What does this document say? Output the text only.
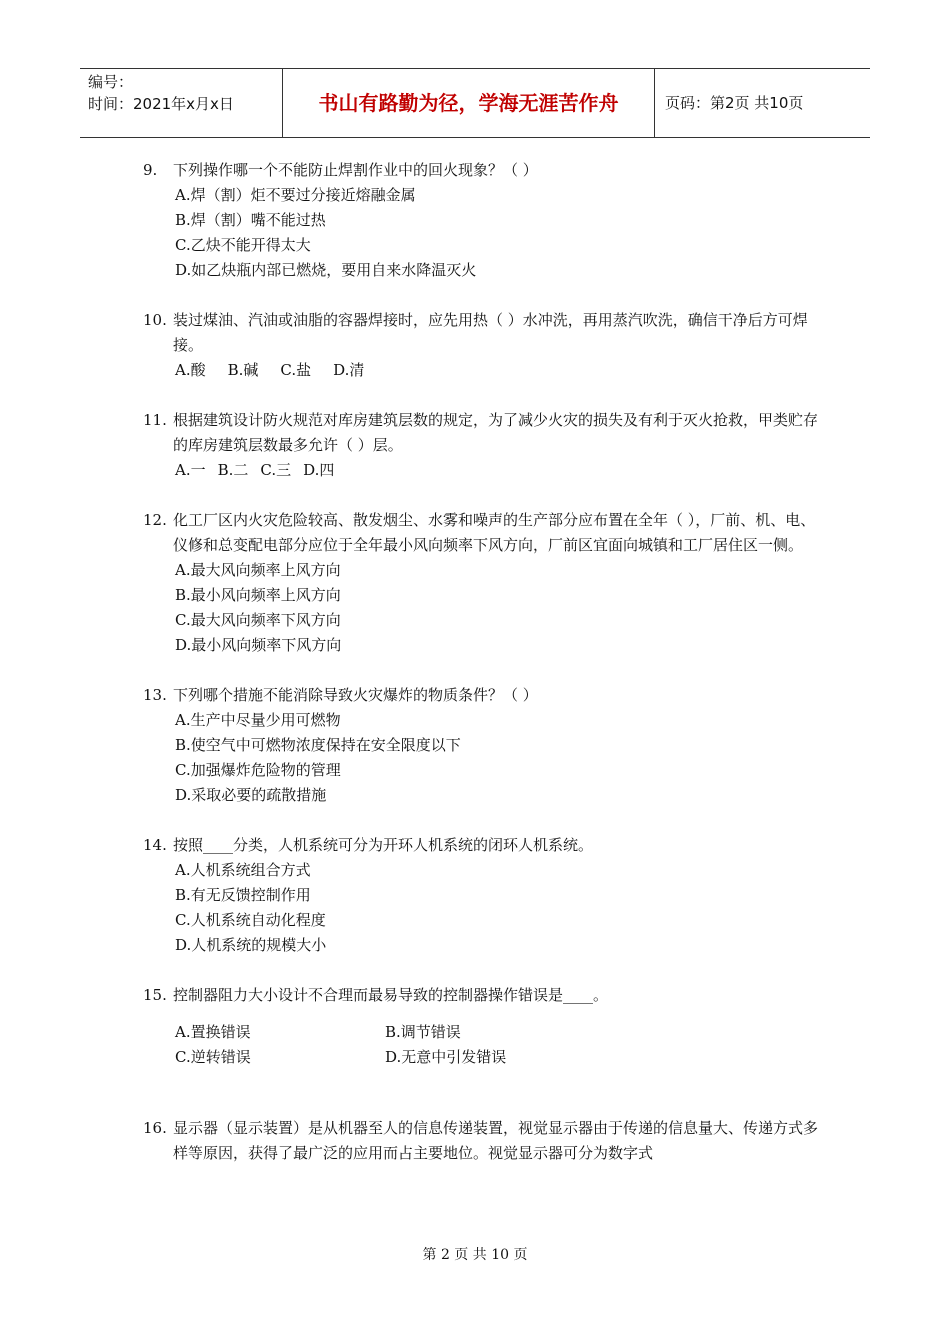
编号：
时间：2021年x月x日	书山有路勤为径，学海无涯苦作舟	页码：第2页 共10页
9. 下列操作哪一个不能防止焊割作业中的回火现象？（ ）
A.焊（割）炬不要过分接近熔融金属
B.焊（割）嘴不能过热
C.乙炔不能开得太大
D.如乙炔瓶内部已燃烧，要用自来水降温灭火
10. 装过煤油、汽油或油脂的容器焊接时，应先用热（ ）水冲洗，再用蒸汽吹洗，确信干净后方可焊接。
A.酸 B.碱 C.盐 D.清
11. 根据建筑设计防火规范对库房建筑层数的规定，为了减少火灾的损失及有利于灭火抢救，甲类贮存的库房建筑层数最多允许（ ）层。
A.一 B.二 C.三 D.四
12. 化工厂区内火灾危险较高、散发烟尘、水雾和噪声的生产部分应布置在全年（ ），厂前、机、电、仪修和总变配电部分应位于全年最小风向频率下风方向，厂前区宜面向城镇和工厂居住区一侧。
A.最大风向频率上风方向
B.最小风向频率上风方向
C.最大风向频率下风方向
D.最小风向频率下风方向
13. 下列哪个措施不能消除导致火灾爆炸的物质条件？（ ）
A.生产中尽量少用可燃物
B.使空气中可燃物浓度保持在安全限度以下
C.加强爆炸危险物的管理
D.采取必要的疏散措施
14. 按照____分类，人机系统可分为开环人机系统的闭环人机系统。
A.人机系统组合方式
B.有无反馈控制作用
C.人机系统自动化程度
D.人机系统的规模大小
15. 控制器阻力大小设计不合理而最易导致的控制器操作错误是____。
A.置换错误	B.调节错误
C.逆转错误	D.无意中引发错误
16. 显示器（显示装置）是从机器至人的信息传递装置，视觉显示器由于传递的信息量大、传递方式多样等原因，获得了最广泛的应用而占主要地位。视觉显示器可分为数字式
第 2 页 共 10 页
